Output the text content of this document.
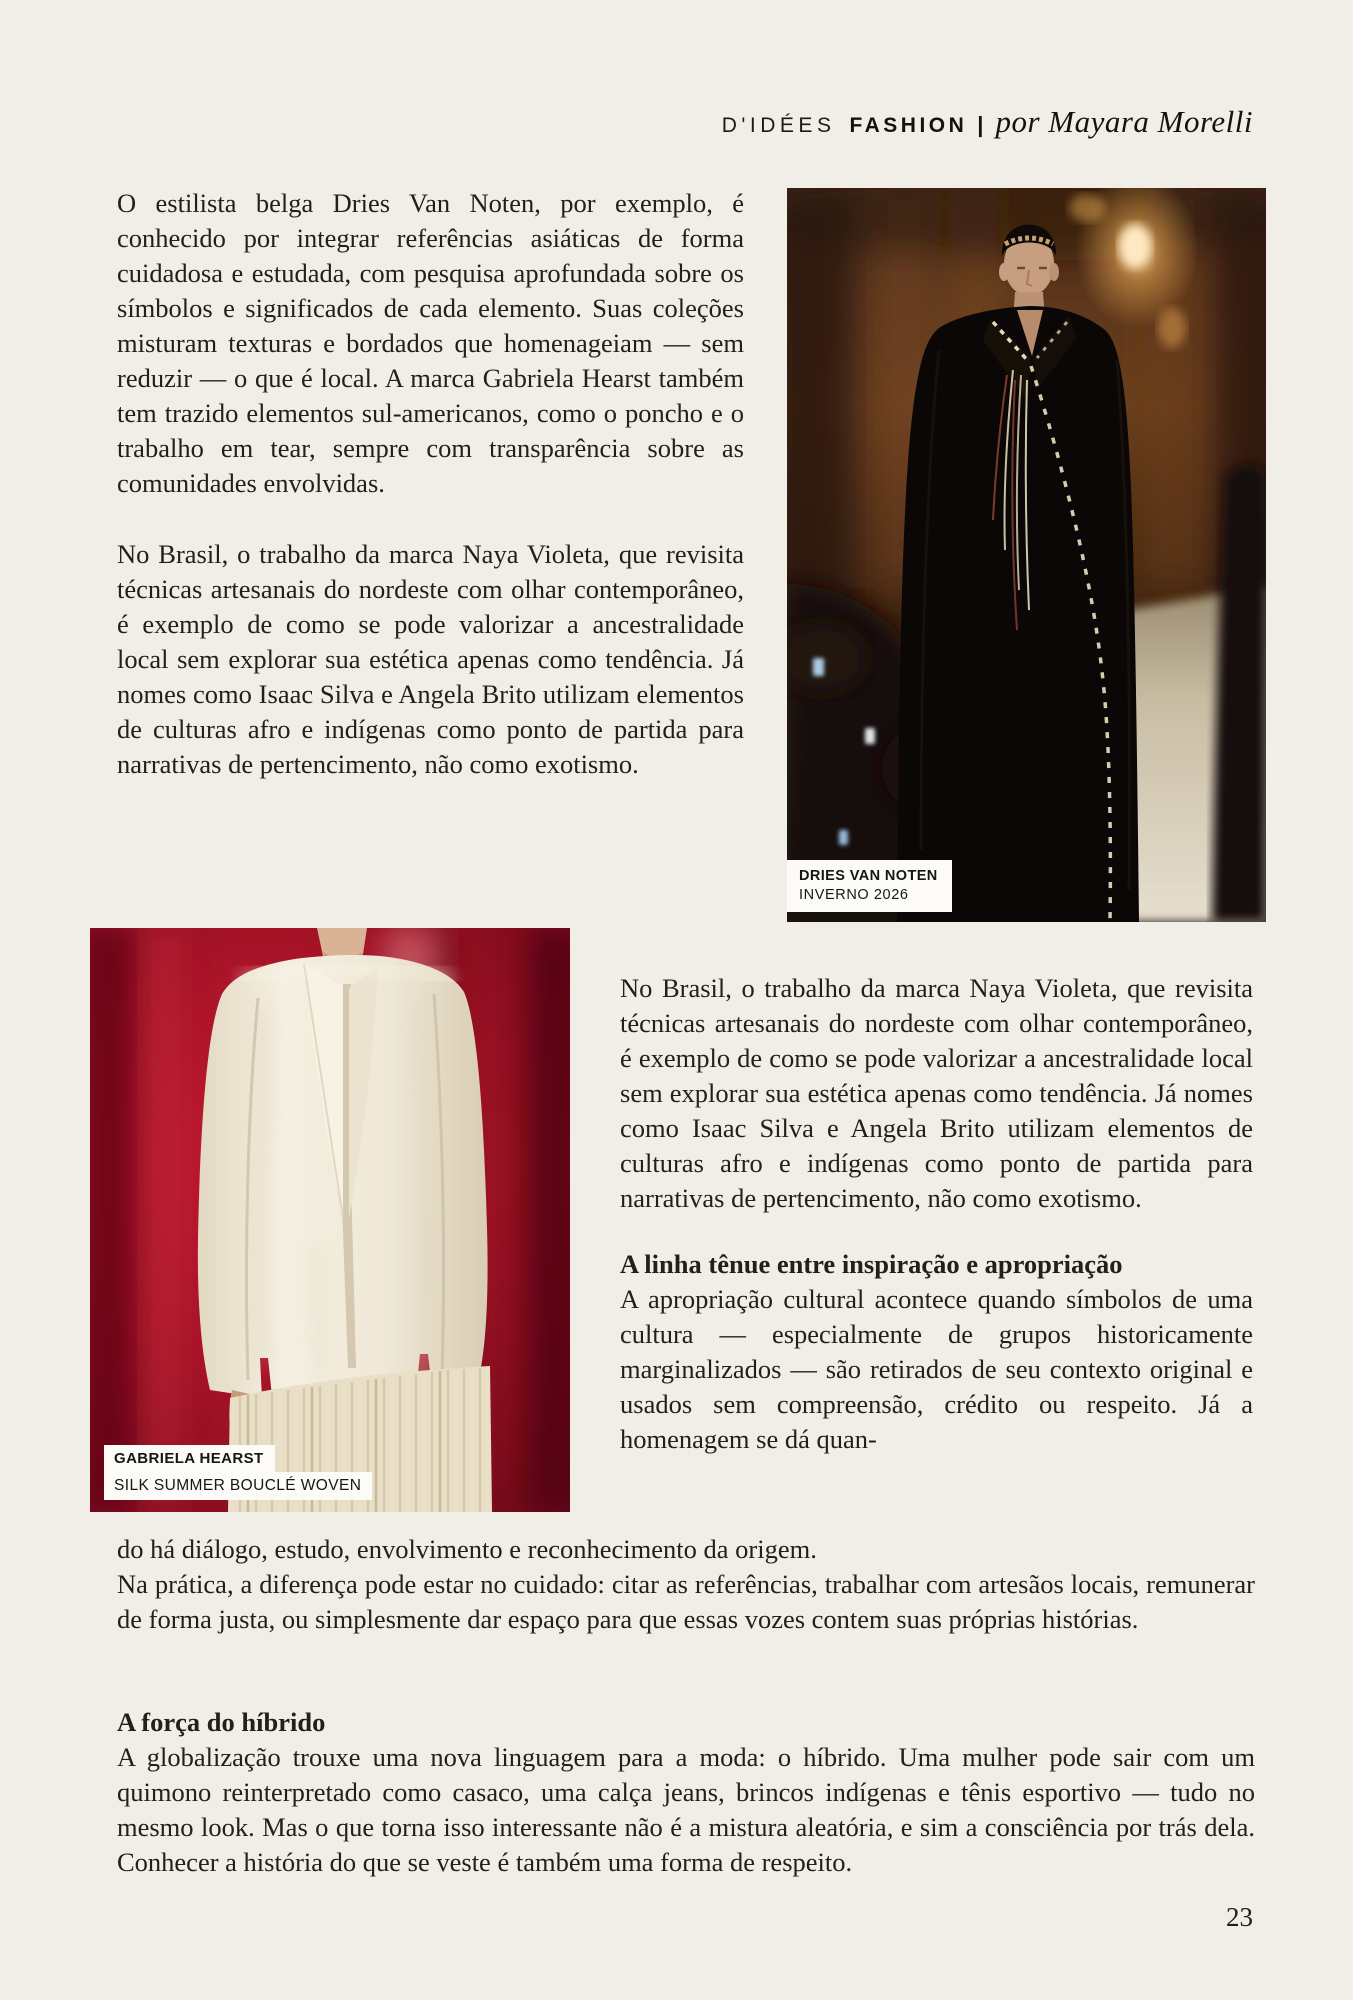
D'IDÉES FASHION | por Mayara Morelli

O estilista belga Dries Van Noten, por exemplo, é conhecido por integrar referências asiáticas de forma cuidadosa e estudada, com pesquisa aprofundada sobre os símbolos e significados de cada elemento. Suas coleções misturam texturas e bordados que homenageiam — sem reduzir — o que é local. A marca Gabriela Hearst também tem trazido elementos sul-americanos, como o poncho e o trabalho em tear, sempre com transparência sobre as comunidades envolvidas.

No Brasil, o trabalho da marca Naya Violeta, que revisita técnicas artesanais do nordeste com olhar contemporâneo, é exemplo de como se pode valorizar a ancestralidade local sem explorar sua estética apenas como tendência. Já nomes como Isaac Silva e Angela Brito utilizam elementos de culturas afro e indígenas como ponto de partida para narrativas de pertencimento, não como exotismo.

DRIES VAN NOTEN
INVERNO 2026
GABRIELA HEARST
SILK SUMMER BOUCLÉ WOVEN

No Brasil, o trabalho da marca Naya Violeta, que revisita técnicas artesanais do nordeste com olhar contemporâneo, é exemplo de como se pode valorizar a ancestralidade local sem explorar sua estética apenas como tendência. Já nomes como Isaac Silva e Angela Brito utilizam elementos de culturas afro e indígenas como ponto de partida para narrativas de pertencimento, não como exotismo.

A linha tênue entre inspiração e apropriação

A apropriação cultural acontece quando símbolos de uma cultura — especialmente de grupos historicamente marginalizados — são retirados de seu contexto original e usados sem compreensão, crédito ou respeito. Já a homenagem se dá quan-

do há diálogo, estudo, envolvimento e reconhecimento da origem.

Na prática, a diferença pode estar no cuidado: citar as referências, trabalhar com artesãos locais, remunerar de forma justa, ou simplesmente dar espaço para que essas vozes contem suas próprias histórias.

A força do híbrido

A globalização trouxe uma nova linguagem para a moda: o híbrido. Uma mulher pode sair com um quimono reinterpretado como casaco, uma calça jeans, brincos indígenas e tênis esportivo — tudo no mesmo look. Mas o que torna isso interessante não é a mistura aleatória, e sim a consciência por trás dela. Conhecer a história do que se veste é também uma forma de respeito.

23
